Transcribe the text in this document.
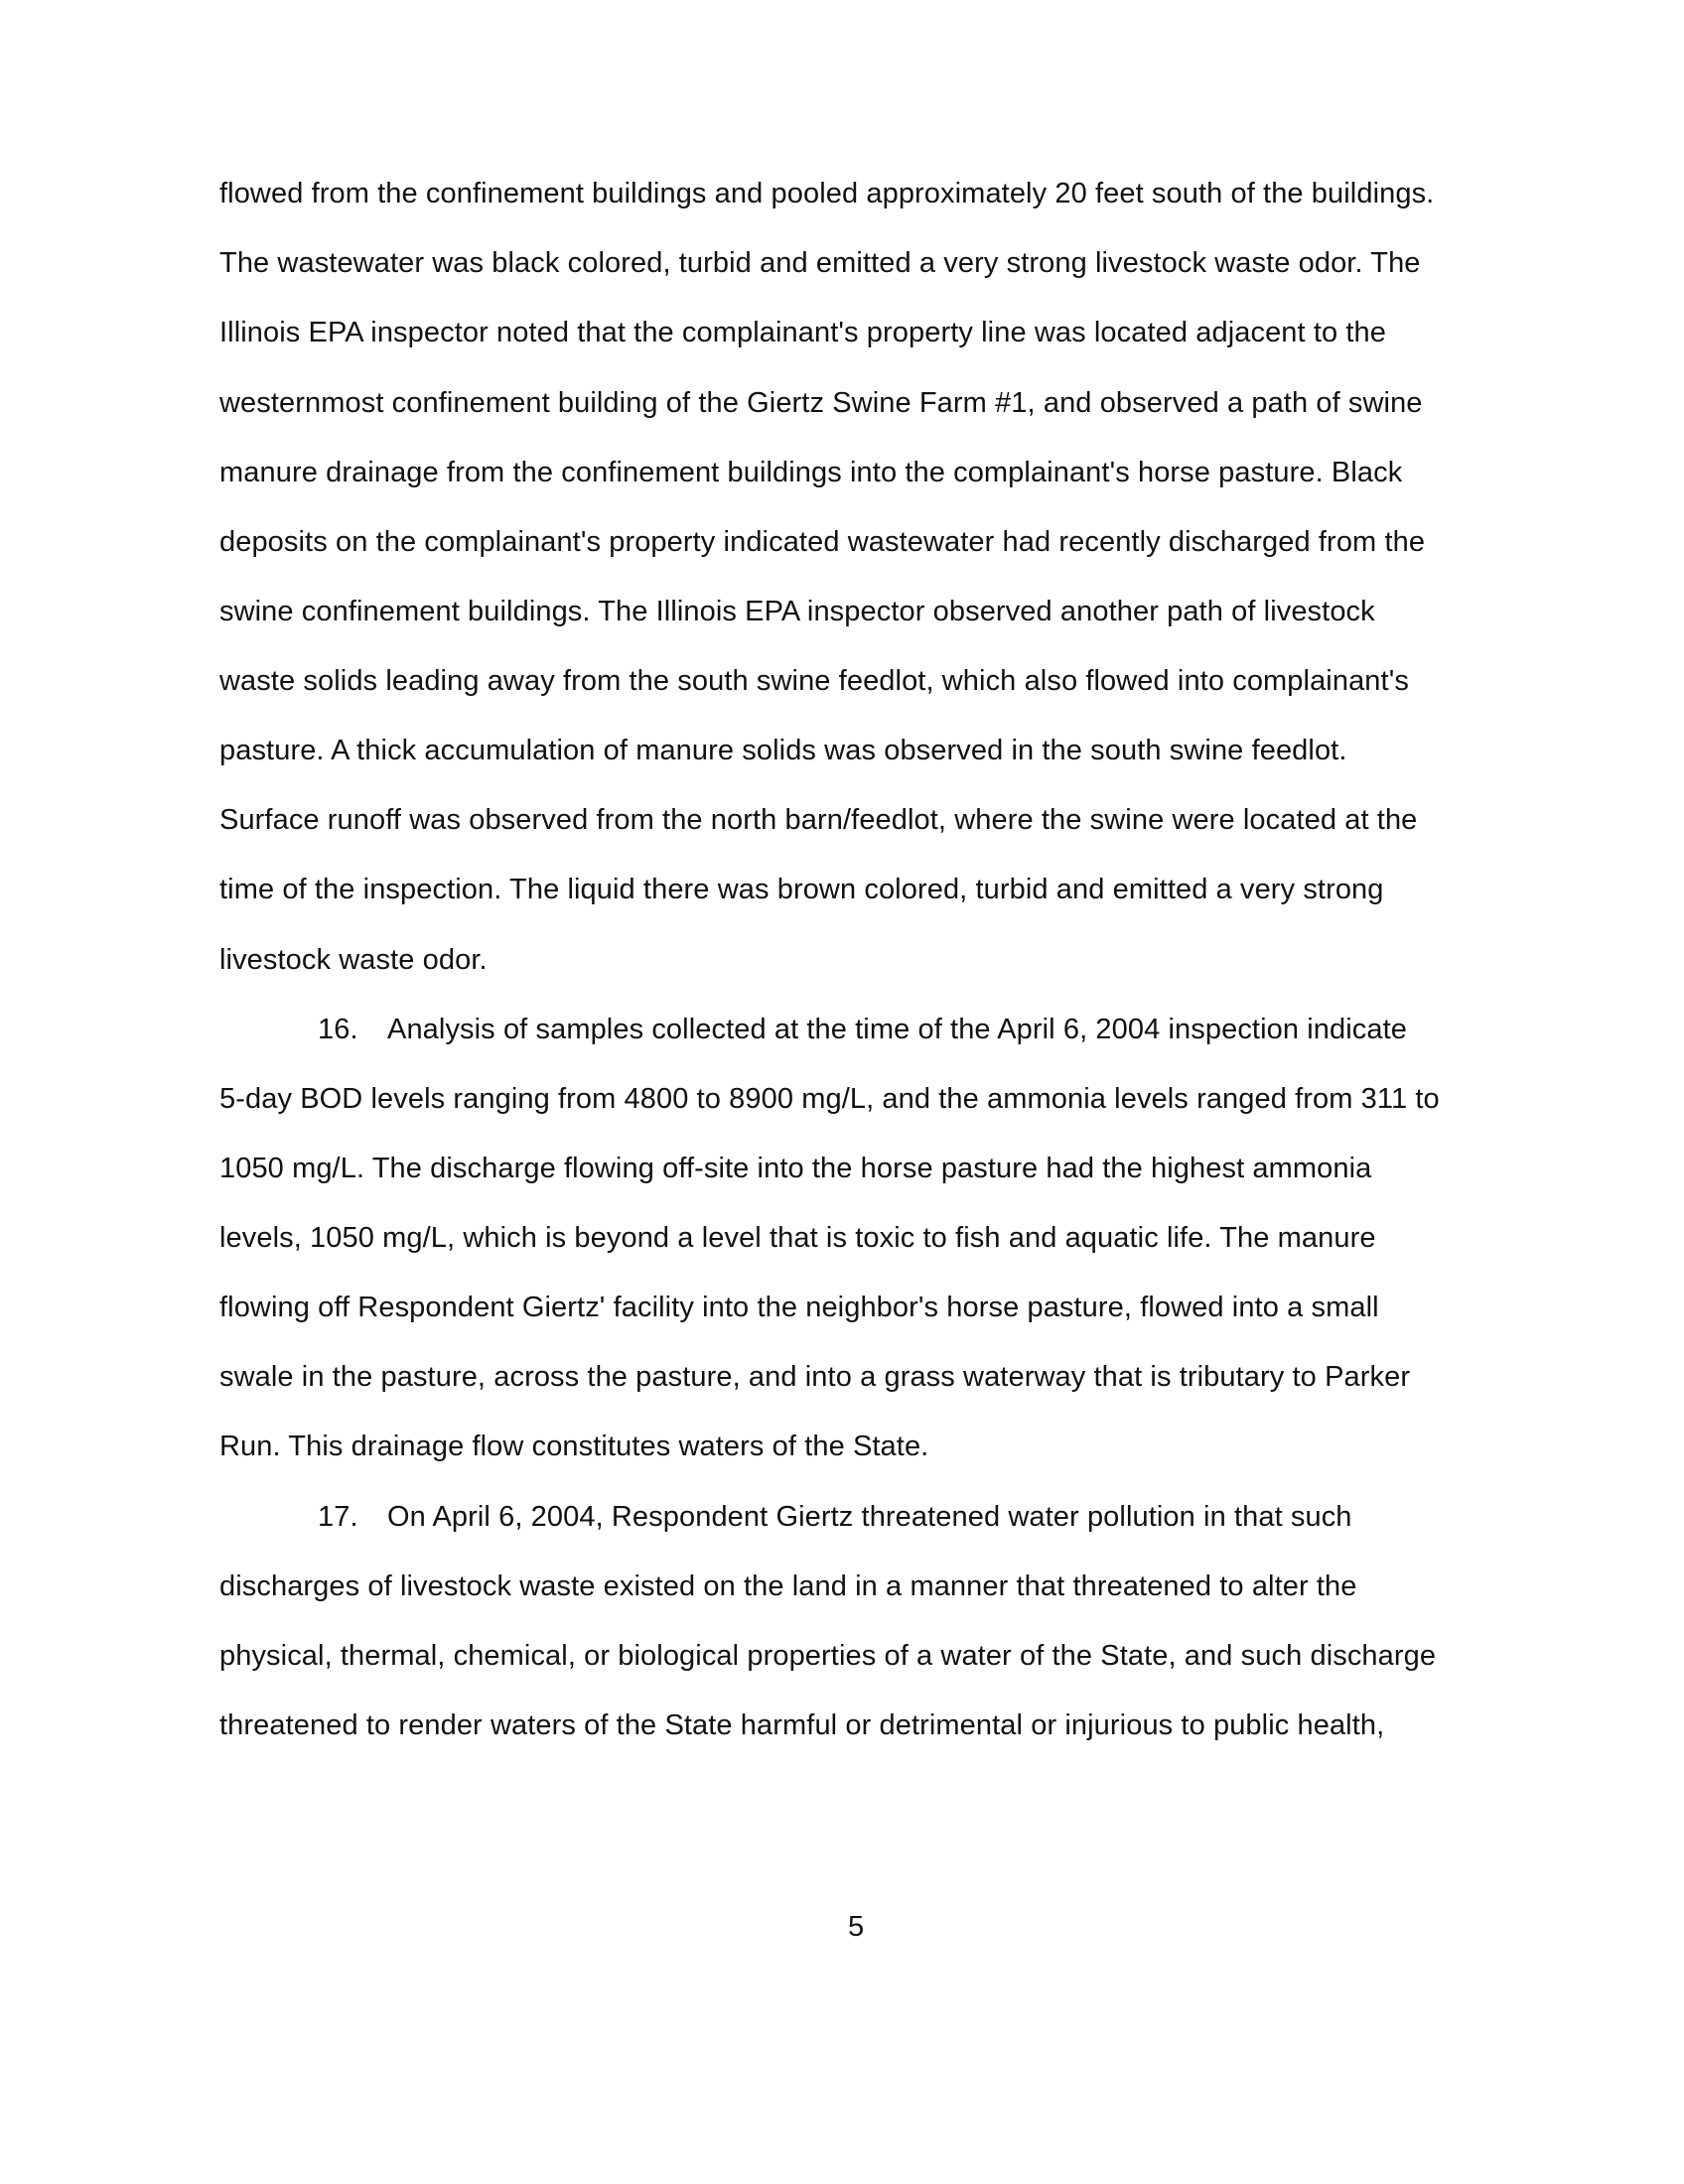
flowed from the confinement buildings and pooled approximately 20 feet south of the buildings.
The wastewater was black colored, turbid and emitted a very strong livestock waste odor. The
Illinois EPA inspector noted that the complainant's property line was located adjacent to the
westernmost confinement building of the Giertz Swine Farm #1, and observed a path of swine
manure drainage from the confinement buildings into the complainant's horse pasture. Black
deposits on the complainant's property indicated wastewater had recently discharged from the
swine confinement buildings. The Illinois EPA inspector observed another path of livestock
waste solids leading away from the south swine feedlot, which also flowed into complainant's
pasture. A thick accumulation of manure solids was observed in the south swine feedlot.
Surface runoff was observed from the north barn/feedlot, where the swine were located at the
time of the inspection. The liquid there was brown colored, turbid and emitted a very strong
livestock waste odor.
16. Analysis of samples collected at the time of the April 6, 2004 inspection indicate
5-day BOD levels ranging from 4800 to 8900 mg/L, and the ammonia levels ranged from 311 to
1050 mg/L. The discharge flowing off-site into the horse pasture had the highest ammonia
levels, 1050 mg/L, which is beyond a level that is toxic to fish and aquatic life. The manure
flowing off Respondent Giertz' facility into the neighbor's horse pasture, flowed into a small
swale in the pasture, across the pasture, and into a grass waterway that is tributary to Parker
Run. This drainage flow constitutes waters of the State.
17. On April 6, 2004, Respondent Giertz threatened water pollution in that such
discharges of livestock waste existed on the land in a manner that threatened to alter the
physical, thermal, chemical, or biological properties of a water of the State, and such discharge
threatened to render waters of the State harmful or detrimental or injurious to public health,
5
